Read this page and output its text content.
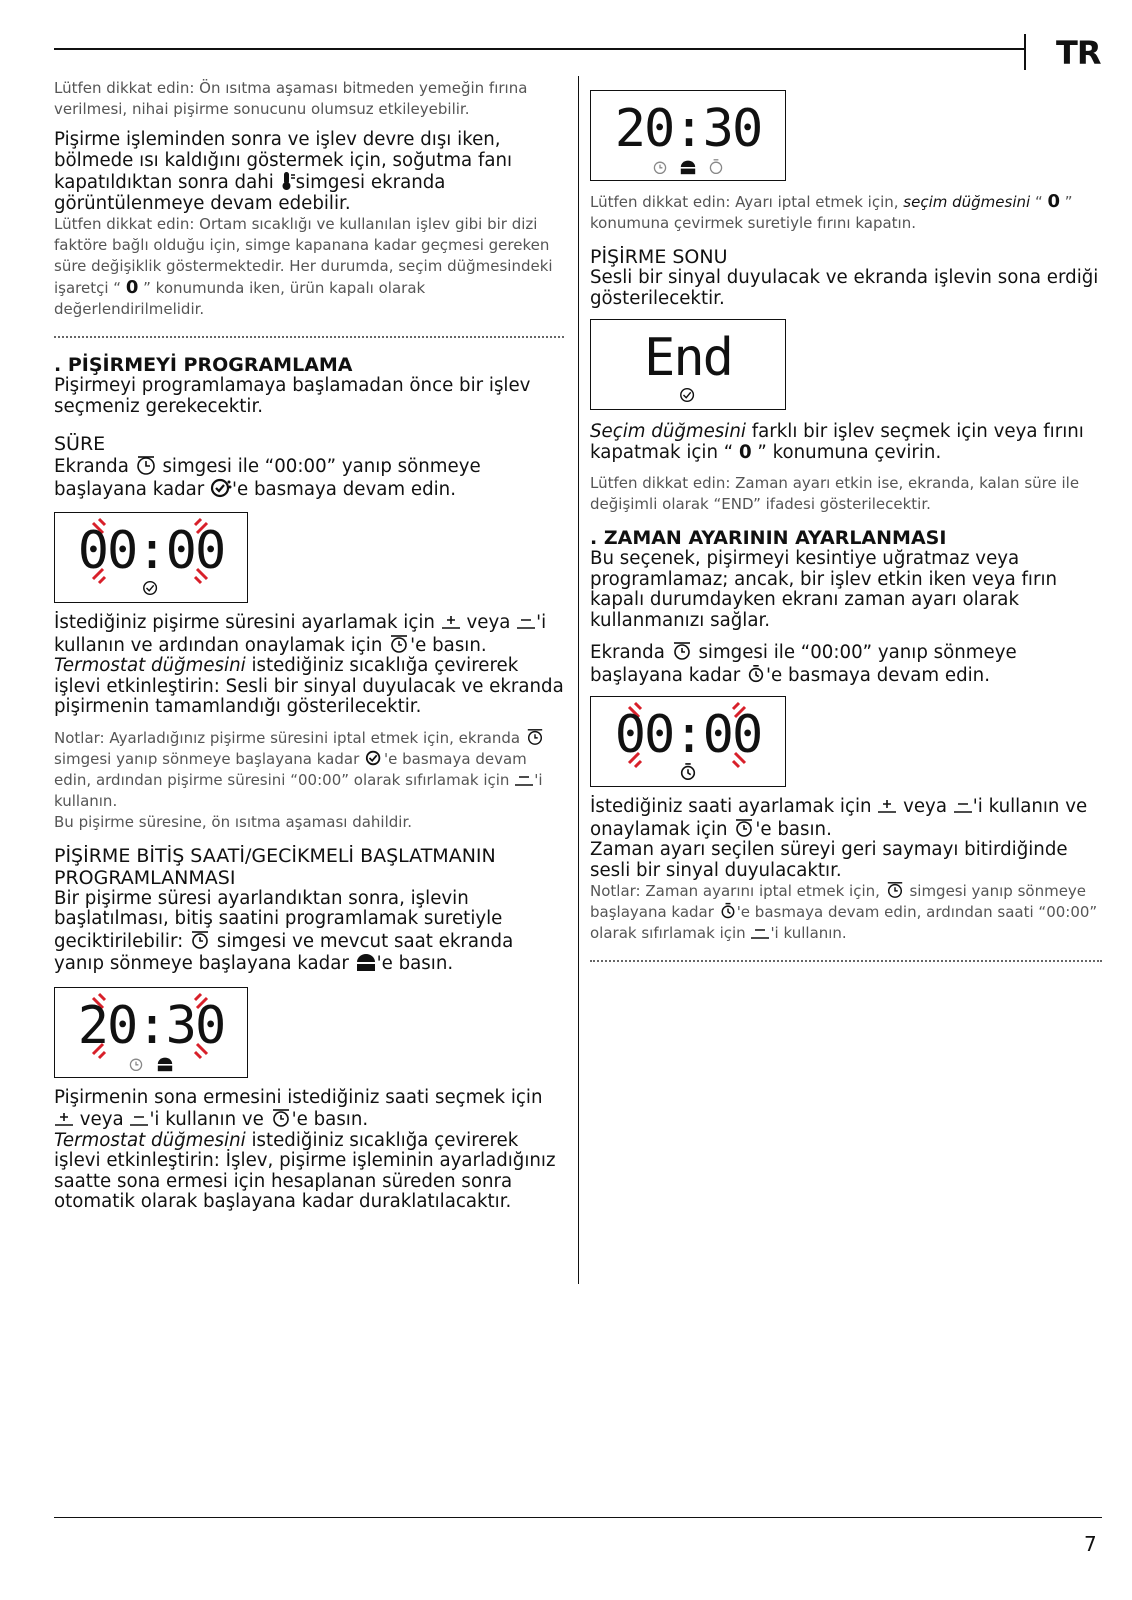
TR

Lütfen dikkat edin: Ön ısıtma aşaması bitmeden yemeğin fırına verilmesi, nihai pişirme sonucunu olumsuz etkileyebilir.

Pişirme işleminden sonra ve işlev devre dışı iken, bölmede ısı kaldığını göstermek için, soğutma fanı kapatıldıktan sonra dahi
simgesi ekranda görüntülenmeye devam edebilir.

Lütfen dikkat edin: Ortam sıcaklığı ve kullanılan işlev gibi bir dizi faktöre bağlı olduğu için, simge kapanana kadar geçmesi gereken süre değişiklik göstermektedir. Her durumda, seçim düğmesindeki işaretçi “ 0 ” konumunda iken, ürün kapalı olarak değerlendirilmelidir.

. PİŞİRMEYİ PROGRAMLAMA

Pişirmeyi programlamaya başlamadan önce bir işlev seçmeniz gerekecektir.

SÜRE

Ekranda
simgesi ile “00:00” yanıp sönmeye başlayana kadar
'e basmaya devam edin.

00:00

İstediğiniz pişirme süresini ayarlamak için
veya
'i kullanın ve ardından onaylamak için
'e basın.
Termostat düğmesini istediğiniz sıcaklığa çevirerek işlevi etkinleştirin: Sesli bir sinyal duyulacak ve ekranda pişirmenin tamamlandığı gösterilecektir.

Notlar: Ayarladığınız pişirme süresini iptal etmek için, ekranda
simgesi yanıp sönmeye başlayana kadar
'e basmaya devam edin, ardından pişirme süresini “00:00” olarak sıfırlamak için
'i kullanın.
Bu pişirme süresine, ön ısıtma aşaması dahildir.

PİŞİRME BİTİŞ SAATİ/GECİKMELİ BAŞLATMANIN PROGRAMLANMASI

Bir pişirme süresi ayarlandıktan sonra, işlevin başlatılması, bitiş saatini programlamak suretiyle geciktirilebilir:
simgesi ve mevcut saat ekranda yanıp sönmeye başlayana kadar
'e basın.

20:30

Pişirmenin sona ermesini istediğiniz saati seçmek için
veya
'i kullanın ve
'e basın.
Termostat düğmesini istediğiniz sıcaklığa çevirerek işlevi etkinleştirin: İşlev, pişirme işleminin ayarladığınız saatte sona ermesi için hesaplanan süreden sonra otomatik olarak başlayana kadar duraklatılacaktır.

20:30

Lütfen dikkat edin: Ayarı iptal etmek için, seçim düğmesini “ 0 ” konumuna çevirmek suretiyle fırını kapatın.

PİŞİRME SONU

Sesli bir sinyal duyulacak ve ekranda işlevin sona erdiği gösterilecektir.

End

Seçim düğmesini farklı bir işlev seçmek için veya fırını kapatmak için “ 0 ” konumuna çevirin.

Lütfen dikkat edin: Zaman ayarı etkin ise, ekranda, kalan süre ile değişimli olarak “END” ifadesi gösterilecektir.

. ZAMAN AYARININ AYARLANMASI

Bu seçenek, pişirmeyi kesintiye uğratmaz veya programlamaz; ancak, bir işlev etkin iken veya fırın kapalı durumdayken ekranı zaman ayarı olarak kullanmanızı sağlar.

Ekranda
simgesi ile “00:00” yanıp sönmeye başlayana kadar
'e basmaya devam edin.

00:00

İstediğiniz saati ayarlamak için
veya
'i kullanın ve onaylamak için
'e basın.
Zaman ayarı seçilen süreyi geri saymayı bitirdiğinde sesli bir sinyal duyulacaktır.

Notlar: Zaman ayarını iptal etmek için,
simgesi yanıp sönmeye başlayana kadar
'e basmaya devam edin, ardından saati “00:00” olarak sıfırlamak için
'i kullanın.

7
